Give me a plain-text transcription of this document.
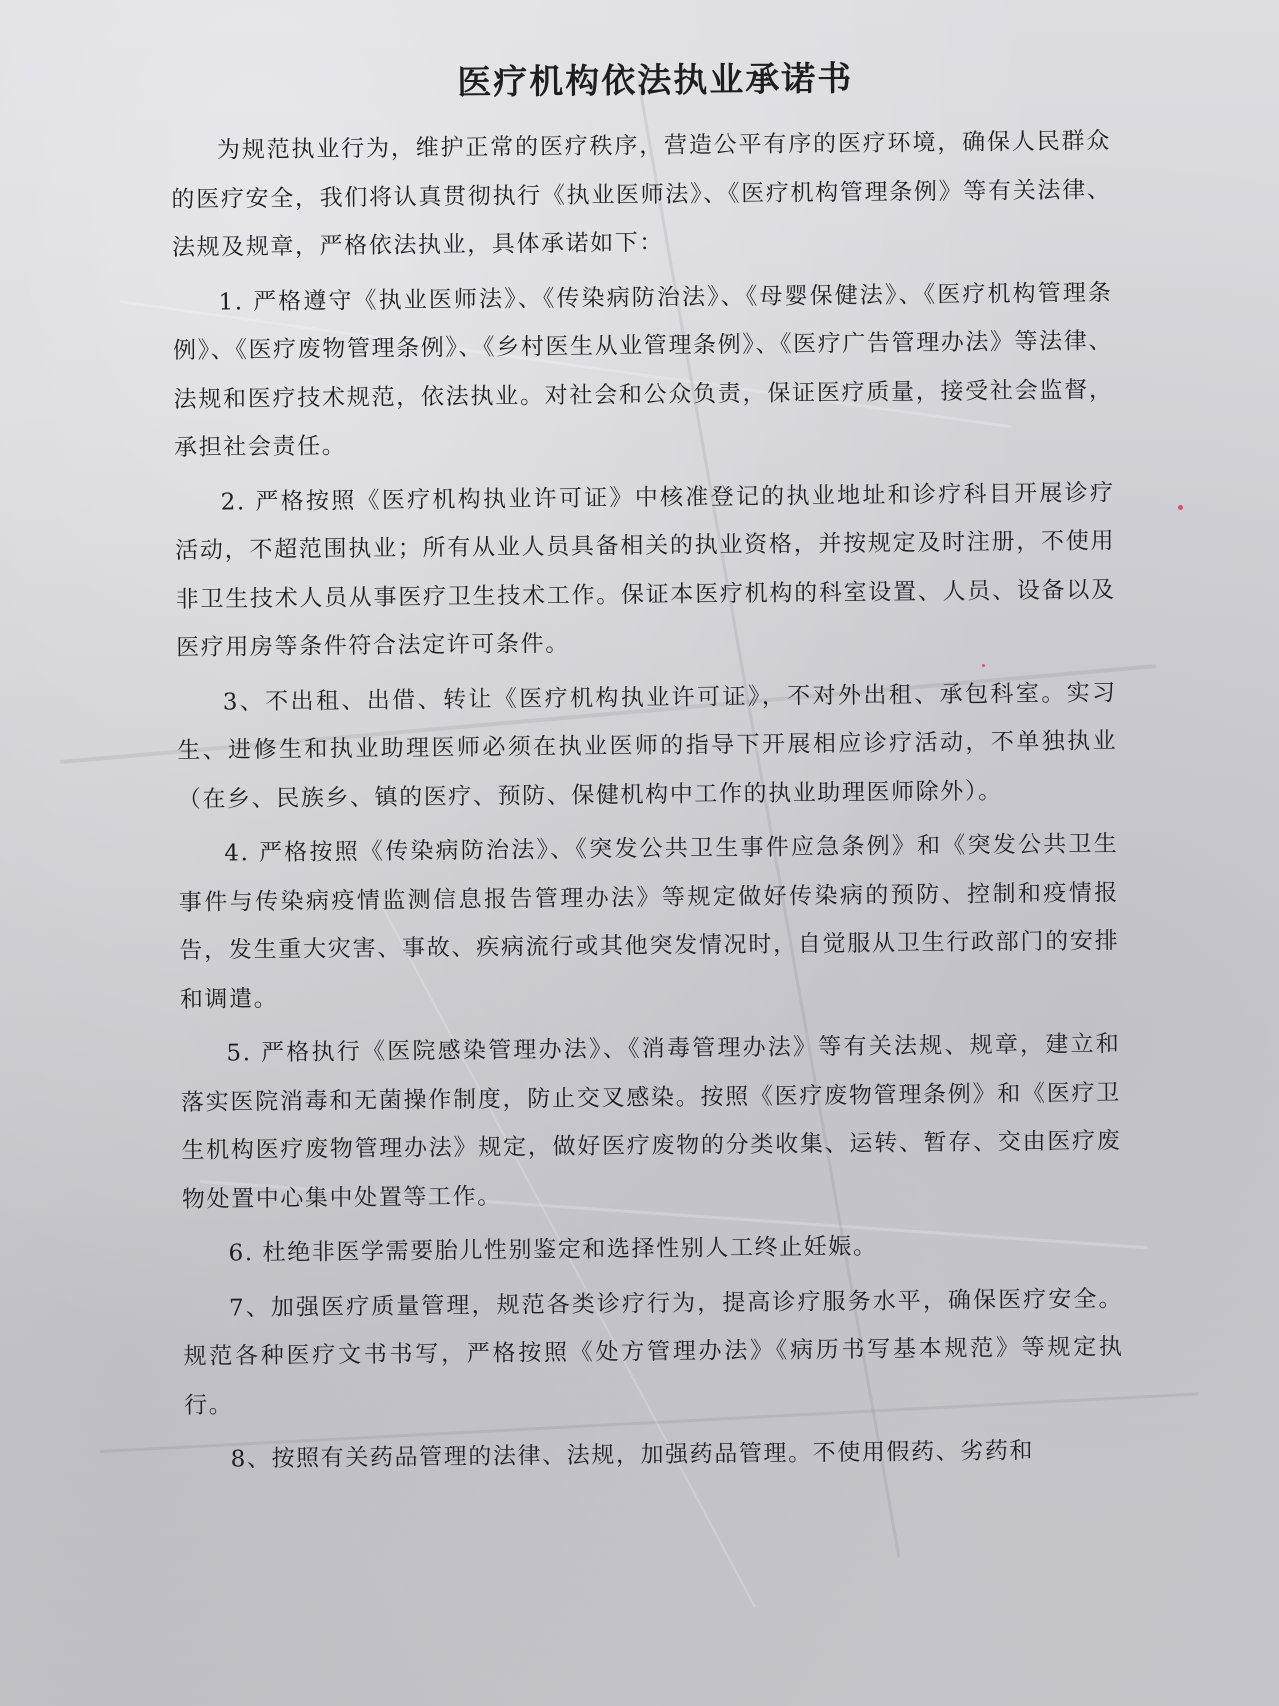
医疗机构依法执业承诺书

为规范执业行为，维护正常的医疗秩序，营造公平有序的医疗环境，确保人民群众的医疗安全，我们将认真贯彻执行《执业医师法》、《医疗机构管理条例》等有关法律、法规及规章，严格依法执业，具体承诺如下：

1. 严格遵守《执业医师法》、《传染病防治法》、《母婴保健法》、《医疗机构管理条例》、《医疗废物管理条例》、《乡村医生从业管理条例》、《医疗广告管理办法》等法律、法规和医疗技术规范，依法执业。对社会和公众负责，保证医疗质量，接受社会监督，承担社会责任。

2. 严格按照《医疗机构执业许可证》中核准登记的执业地址和诊疗科目开展诊疗活动，不超范围执业；所有从业人员具备相关的执业资格，并按规定及时注册，不使用非卫生技术人员从事医疗卫生技术工作。保证本医疗机构的科室设置、人员、设备以及医疗用房等条件符合法定许可条件。

3、不出租、出借、转让《医疗机构执业许可证》，不对外出租、承包科室。实习生、进修生和执业助理医师必须在执业医师的指导下开展相应诊疗活动，不单独执业（在乡、民族乡、镇的医疗、预防、保健机构中工作的执业助理医师除外）。

4. 严格按照《传染病防治法》、《突发公共卫生事件应急条例》和《突发公共卫生事件与传染病疫情监测信息报告管理办法》等规定做好传染病的预防、控制和疫情报告，发生重大灾害、事故、疾病流行或其他突发情况时，自觉服从卫生行政部门的安排和调遣。

5. 严格执行《医院感染管理办法》、《消毒管理办法》等有关法规、规章，建立和落实医院消毒和无菌操作制度，防止交叉感染。按照《医疗废物管理条例》和《医疗卫生机构医疗废物管理办法》规定，做好医疗废物的分类收集、运转、暂存、交由医疗废物处置中心集中处置等工作。

6. 杜绝非医学需要胎儿性别鉴定和选择性别人工终止妊娠。

7、加强医疗质量管理，规范各类诊疗行为，提高诊疗服务水平，确保医疗安全。规范各种医疗文书书写，严格按照《处方管理办法》《病历书写基本规范》等规定执行。

8、按照有关药品管理的法律、法规，加强药品管理。不使用假药、劣药和
